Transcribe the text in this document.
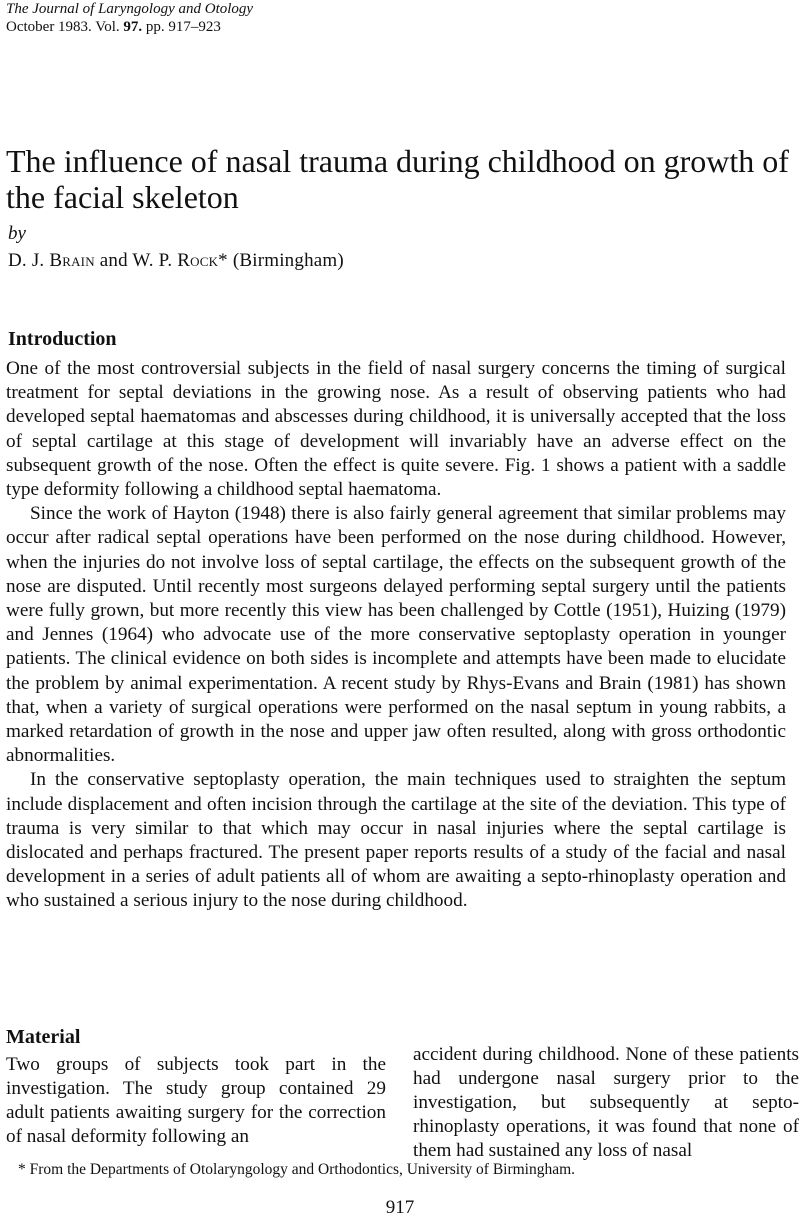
The Journal of Laryngology and Otology
October 1983. Vol. 97. pp. 917–923
The influence of nasal trauma during childhood on growth of the facial skeleton
by
D. J. Brain and W. P. Rock* (Birmingham)
Introduction

One of the most controversial subjects in the field of nasal surgery concerns the timing of surgical treatment for septal deviations in the growing nose. As a result of observing patients who had developed septal haematomas and abscesses during childhood, it is universally accepted that the loss of septal cartilage at this stage of development will invariably have an adverse effect on the subsequent growth of the nose. Often the effect is quite severe. Fig. 1 shows a patient with a saddle type deformity following a childhood septal haematoma.

Since the work of Hayton (1948) there is also fairly general agreement that similar problems may occur after radical septal operations have been performed on the nose during childhood. However, when the injuries do not involve loss of septal cartilage, the effects on the subsequent growth of the nose are disputed. Until recently most surgeons delayed performing septal surgery until the patients were fully grown, but more recently this view has been challenged by Cottle (1951), Huizing (1979) and Jennes (1964) who advocate use of the more conservative septoplasty operation in younger patients. The clinical evidence on both sides is incomplete and attempts have been made to elucidate the problem by animal experimentation. A recent study by Rhys-Evans and Brain (1981) has shown that, when a variety of surgical operations were performed on the nasal septum in young rabbits, a marked retardation of growth in the nose and upper jaw often resulted, along with gross orthodontic abnormalities.

In the conservative septoplasty operation, the main techniques used to straighten the septum include displacement and often incision through the cartilage at the site of the deviation. This type of trauma is very similar to that which may occur in nasal injuries where the septal cartilage is dislocated and perhaps fractured. The present paper reports results of a study of the facial and nasal development in a series of adult patients all of whom are awaiting a septo-rhinoplasty operation and who sustained a serious injury to the nose during childhood.

Material

Two groups of subjects took part in the investigation. The study group contained 29 adult patients awaiting surgery for the correction of nasal deformity following an

accident during childhood. None of these patients had undergone nasal surgery prior to the investigation, but subsequently at septo-rhinoplasty operations, it was found that none of them had sustained any loss of nasal

* From the Departments of Otolaryngology and Orthodontics, University of Birmingham.
917
